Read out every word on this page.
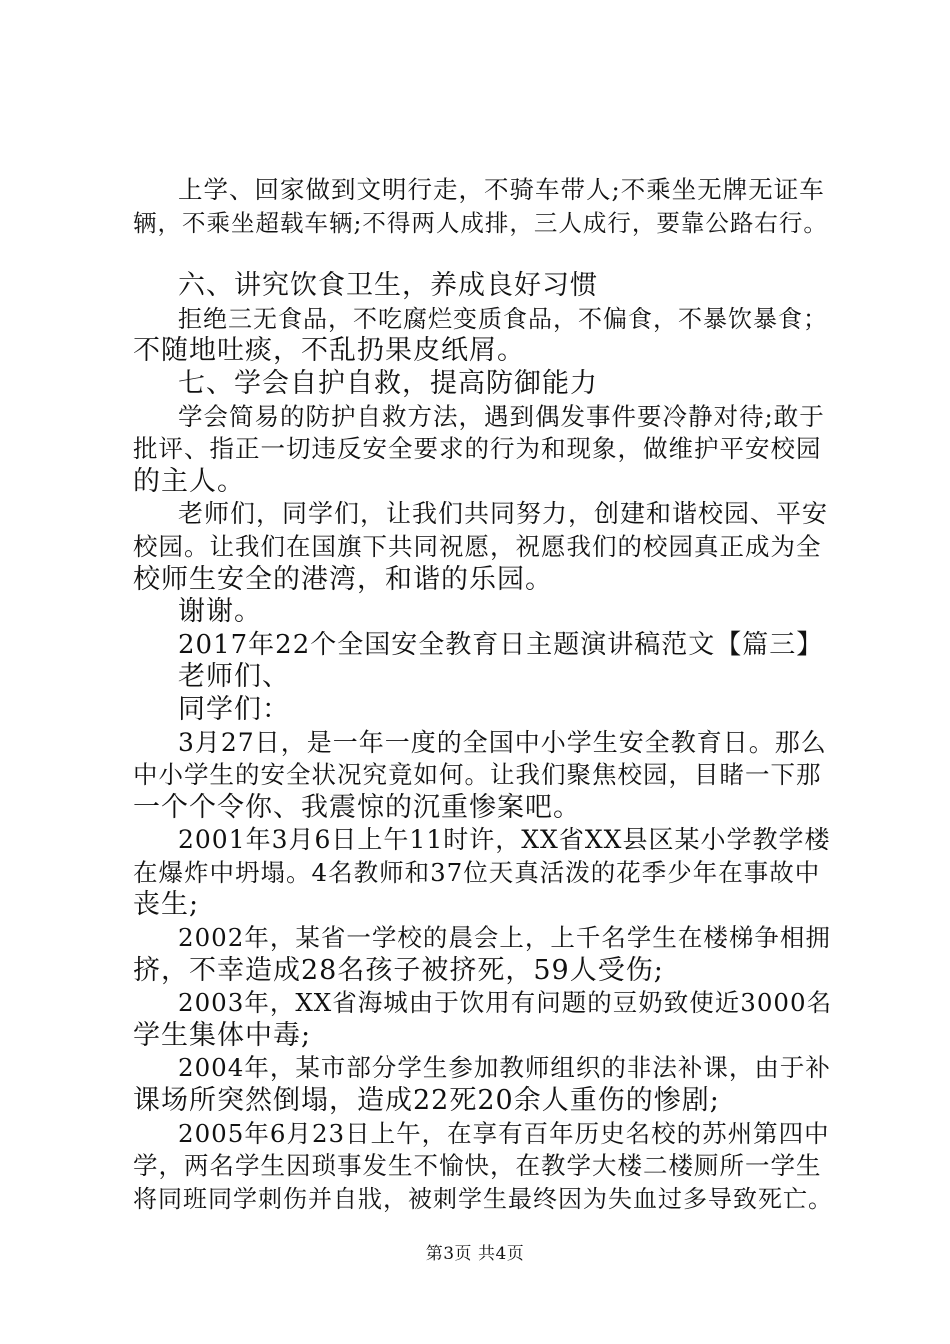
上学、回家做到文明行走，不骑车带人;不乘坐无牌无证车
辆，不乘坐超载车辆;不得两人成排，三人成行，要靠公路右行。
六、讲究饮食卫生，养成良好习惯
拒绝三无食品，不吃腐烂变质食品，不偏食，不暴饮暴食；
不随地吐痰，不乱扔果皮纸屑。
七、学会自护自救，提高防御能力
学会简易的防护自救方法，遇到偶发事件要冷静对待;敢于
批评、指正一切违反安全要求的行为和现象，做维护平安校园
的主人。
老师们，同学们，让我们共同努力，创建和谐校园、平安
校园。让我们在国旗下共同祝愿，祝愿我们的校园真正成为全
校师生安全的港湾，和谐的乐园。
谢谢。
2017年22个全国安全教育日主题演讲稿范文【篇三】
老师们、
同学们：
3月27日，是一年一度的全国中小学生安全教育日。那么
中小学生的安全状况究竟如何。让我们聚焦校园，目睹一下那
一个个令你、我震惊的沉重惨案吧。
2001年3月6日上午11时许，XX省XX县区某小学教学楼
在爆炸中坍塌。4名教师和37位天真活泼的花季少年在事故中
丧生;
2002年，某省一学校的晨会上，上千名学生在楼梯争相拥
挤，不幸造成28名孩子被挤死，59人受伤;
2003年，XX省海城由于饮用有问题的豆奶致使近3000名
学生集体中毒;
2004年，某市部分学生参加教师组织的非法补课，由于补
课场所突然倒塌，造成22死20余人重伤的惨剧;
2005年6月23日上午，在享有百年历史名校的苏州第四中
学，两名学生因琐事发生不愉快，在教学大楼二楼厕所一学生
将同班同学刺伤并自戕，被刺学生最终因为失血过多导致死亡。
第3页 共4页
